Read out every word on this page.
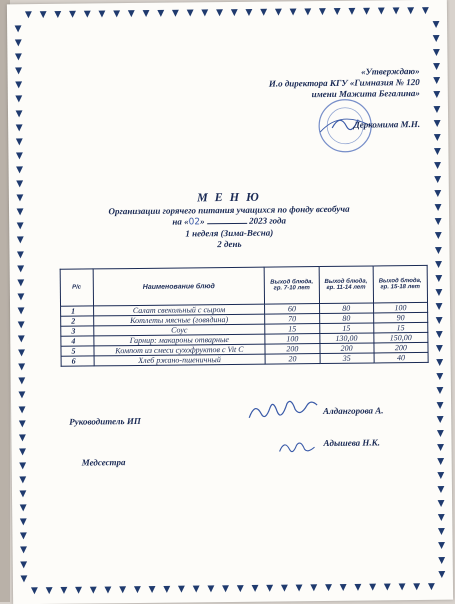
▼ ▼ ▼ ▼ ▼ ▼ ▼ ▼ ▼ ▼ ▼ ▼ ▼ ▼ ▼ ▼ ▼ ▼ ▼ ▼ ▼ ▼ ▼ ▼ ▼ ▼ ▼ ▼
▼ ▼ ▼ ▼ ▼ ▼ ▼ ▼ ▼ ▼ ▼ ▼ ▼ ▼ ▼ ▼ ▼ ▼ ▼ ▼ ▼ ▼ ▼ ▼ ▼ ▼ ▼ ▼
▼
▼
▼
▼
▼
▼
▼
▼
▼
▼
▼
▼
▼
▼
▼
▼
▼
▼
▼
▼
▼
▼
▼
▼
▼
▼
▼
▼
▼
▼
▼
▼
▼
▼
▼
▼
▼
▼
▼
▼
▼
▼
▼
▼
▼
▼
▼
▼
▼
▼
▼
▼
▼
▼
▼
▼
▼
▼
▼
▼
▼
▼
▼
▼
▼
▼
▼
▼
▼
▼
▼
▼
▼
▼
▼
▼
▼
▼
▼
▼
«Утверждаю»
И.о директора КГУ «Гимназия № 120
имени Мажита Бегалина»
Деркомима М.Н.
М Е Н Ю
Организации горячего питания учащихся по фонду всеобуча
на «02»	2023 года
1 неделя (Зима-Весна)
2 день
Р/с	Наименование блюд	Выход блюда, гр. 7-10 лет	Выход блюда, гр. 11-14 лет	Выход блюда, гр. 15-18 лет
1	Салат свекольный с сыром	60	80	100
2	Котлеты мясные (говядина)	70	80	90
3	Соус	15	15	15
4	Гарнир: макароны отварные	100	130,00	150,00
5	Компот из смеси сухофруктов с Vit C	200	200	200
6	Хлеб ржано-пшеничный	20	35	40
Руководитель ИП
Алдангорова А.
Медсестра
Адышева Н.К.
